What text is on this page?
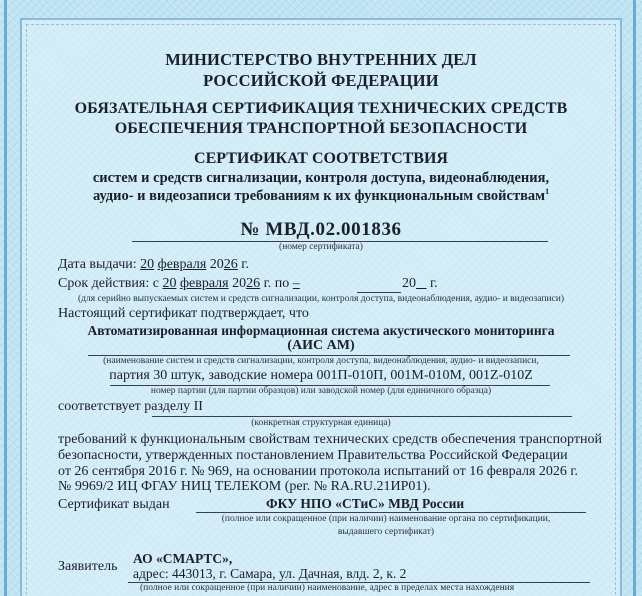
МИНИСТЕРСТВО ВНУТРЕННИХ ДЕЛ
РОССИЙСКОЙ ФЕДЕРАЦИИ
ОБЯЗАТЕЛЬНАЯ СЕРТИФИКАЦИЯ ТЕХНИЧЕСКИХ СРЕДСТВ
ОБЕСПЕЧЕНИЯ ТРАНСПОРТНОЙ БЕЗОПАСНОСТИ
СЕРТИФИКАТ СООТВЕТСТВИЯ
систем и средств сигнализации, контроля доступа, видеонаблюдения,
аудио- и видеозаписи требованиям к их функциональным свойствам$^1$
№ МВД.02.001836
(номер сертификата)
Дата выдачи: 20 февраля 2026 г.
Срок действия: с 20 февраля 2026 г. по –	20 г.
(для серийно выпускаемых систем и средств сигнализации, контроля доступа, видеонаблюдения, аудио- и видеозаписи)
Настоящий сертификат подтверждает, что
Автоматизированная информационная система акустического мониторинга
(АИС АМ)
(наименование систем и средств сигнализации, контроля доступа, видеонаблюдения, аудио- и видеозаписи,
партия 30 штук, заводские номера 001П-010П, 001М-010М, 001Z-010Z
номер партии (для партии образцов) или заводской номер (для единичного образца)
соответствует разделу II
(конкретная структурная единица)
требований к функциональным свойствам технических средств обеспечения транспортной
безопасности, утвержденных постановлением Правительства Российской Федерации
от 26 сентября 2016 г. № 969, на основании протокола испытаний от 16 февраля 2026 г.
№ 9969/2 ИЦ ФГАУ НИЦ ТЕЛЕКОМ (рег. № RA.RU.21ИР01).
Сертификат выдан	ФКУ НПО «СТиС» МВД России
(полное или сокращенное (при наличии) наименование органа по сертификации,
выдавшего сертификат)
Заявитель
АО «СМАРТС»,
адрес: 443013, г. Самара, ул. Дачная, влд. 2, к. 2
(полное или сокращенное (при наличии) наименование, адрес в пределах места нахождения
